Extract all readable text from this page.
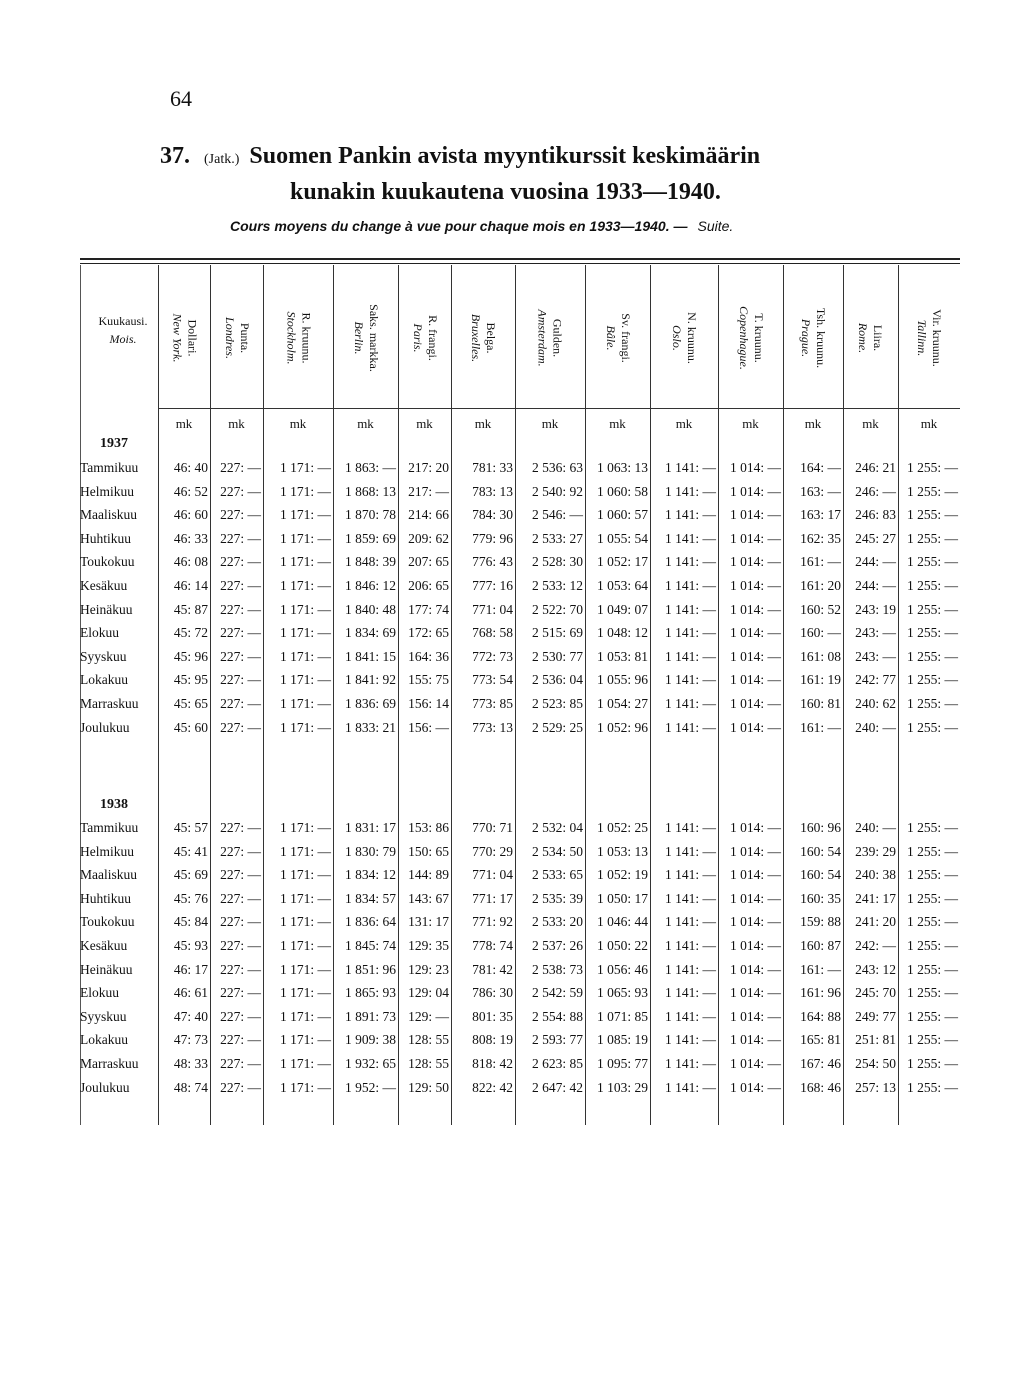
64
37. (Jatk.) Suomen Pankin avista myyntikurssit keskimäärin
kunakin kuukautena vuosina 1933—1940.
Cours moyens du change à vue pour chaque mois en 1933—1940. — Suite.
Kuukausi.
Mois.	Dollari.
New York.
mk
Punta.
Londres.
mk
R. kruunu.
Stockholm.
mk
Saks. markka.
Berlin.
mk
R. frangi.
Paris.
mk
Belga.
Bruxelles.
mk
Gulden.
Amsterdam.
mk
Sv. frangi.
Bâle.
mk
N. kruunu.
Oslo.
mk
T. kruunu.
Copenhague.
mk
Tsh. kruunu.
Prague.
mk
Liira.
Rome.
mk
Vir. kruunu.
Tallinn.
mk
1937
Tammikuu	46: 40 227: —	1 171: —	1 863: — 217: 20	781: 33	2 536: 63	1 063: 13	1 141: —	1 014: —	164: —	246: 21 1 255: —
Helmikuu	46: 52 227: —	1 171: —	1 868: 13 217: —	783: 13	2 540: 92	1 060: 58	1 141: —	1 014: —	163: —	246: — 1 255: —
Maaliskuu	46: 60 227: —	1 171: —	1 870: 78 214: 66	784: 30	2 546: —	1 060: 57	1 141: —	1 014: —	163: 17	246: 83 1 255: —
Huhtikuu	46: 33 227: —	1 171: —	1 859: 69 209: 62	779: 96	2 533: 27	1 055: 54	1 141: —	1 014: —	162: 35	245: 27 1 255: —
Toukokuu	46: 08 227: —	1 171: —	1 848: 39 207: 65	776: 43	2 528: 30	1 052: 17	1 141: —	1 014: —	161: —	244: — 1 255: —
Kesäkuu	46: 14 227: —	1 171: —	1 846: 12 206: 65	777: 16	2 533: 12	1 053: 64	1 141: —	1 014: —	161: 20	244: — 1 255: —
Heinäkuu	45: 87 227: —	1 171: —	1 840: 48 177: 74	771: 04	2 522: 70	1 049: 07	1 141: —	1 014: —	160: 52	243: 19 1 255: —
Elokuu	45: 72 227: —	1 171: —	1 834: 69 172: 65	768: 58	2 515: 69	1 048: 12	1 141: —	1 014: —	160: —	243: — 1 255: —
Syyskuu	45: 96 227: —	1 171: —	1 841: 15 164: 36	772: 73	2 530: 77	1 053: 81	1 141: —	1 014: —	161: 08	243: — 1 255: —
Lokakuu	45: 95 227: —	1 171: —	1 841: 92 155: 75	773: 54	2 536: 04	1 055: 96	1 141: —	1 014: —	161: 19	242: 77 1 255: —
Marraskuu	45: 65 227: —	1 171: —	1 836: 69 156: 14	773: 85	2 523: 85	1 054: 27	1 141: —	1 014: —	160: 81	240: 62 1 255: —
Joulukuu	45: 60 227: —	1 171: —	1 833: 21 156: —	773: 13	2 529: 25	1 052: 96	1 141: —	1 014: —	161: —	240: — 1 255: —
1938
Tammikuu	45: 57 227: —	1 171: —	1 831: 17 153: 86	770: 71	2 532: 04	1 052: 25	1 141: —	1 014: —	160: 96	240: — 1 255: —
Helmikuu	45: 41 227: —	1 171: —	1 830: 79 150: 65	770: 29	2 534: 50	1 053: 13	1 141: —	1 014: —	160: 54	239: 29 1 255: —
Maaliskuu	45: 69 227: —	1 171: —	1 834: 12 144: 89	771: 04	2 533: 65	1 052: 19	1 141: —	1 014: —	160: 54	240: 38 1 255: —
Huhtikuu	45: 76 227: —	1 171: —	1 834: 57 143: 67	771: 17	2 535: 39	1 050: 17	1 141: —	1 014: —	160: 35	241: 17 1 255: —
Toukokuu	45: 84 227: —	1 171: —	1 836: 64 131: 17	771: 92	2 533: 20	1 046: 44	1 141: —	1 014: —	159: 88	241: 20 1 255: —
Kesäkuu	45: 93 227: —	1 171: —	1 845: 74 129: 35	778: 74	2 537: 26	1 050: 22	1 141: —	1 014: —	160: 87	242: — 1 255: —
Heinäkuu	46: 17 227: —	1 171: —	1 851: 96 129: 23	781: 42	2 538: 73	1 056: 46	1 141: —	1 014: —	161: —	243: 12 1 255: —
Elokuu	46: 61 227: —	1 171: —	1 865: 93 129: 04	786: 30	2 542: 59	1 065: 93	1 141: —	1 014: —	161: 96	245: 70 1 255: —
Syyskuu	47: 40 227: —	1 171: —	1 891: 73 129: —	801: 35	2 554: 88	1 071: 85	1 141: —	1 014: —	164: 88	249: 77 1 255: —
Lokakuu	47: 73 227: —	1 171: —	1 909: 38 128: 55	808: 19	2 593: 77	1 085: 19	1 141: —	1 014: —	165: 81	251: 81 1 255: —
Marraskuu	48: 33 227: —	1 171: —	1 932: 65 128: 55	818: 42	2 623: 85	1 095: 77	1 141: —	1 014: —	167: 46	254: 50 1 255: —
Joulukuu	48: 74 227: —	1 171: —	1 952: — 129: 50	822: 42	2 647: 42	1 103: 29	1 141: —	1 014: —	168: 46	257: 13 1 255: —
